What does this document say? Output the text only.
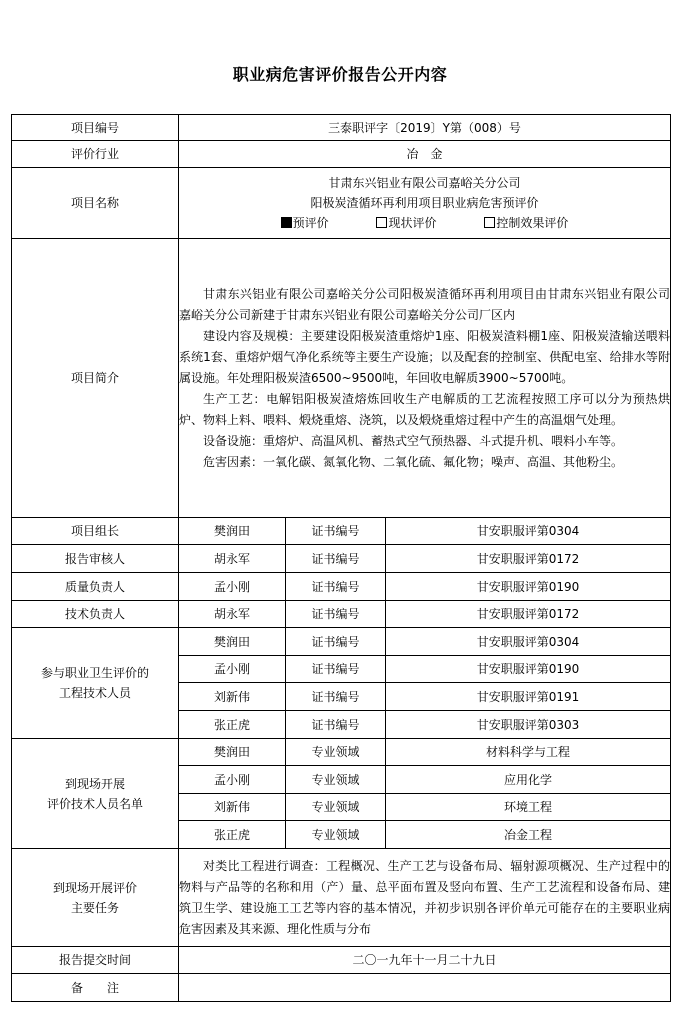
职业病危害评价报告公开内容
项目编号	三泰职评字〔2019〕Y第（008）号		
评价行业	冶　金		
项目名称	甘肃东兴铝业有限公司嘉峪关分公司
阳极炭渣循环再利用项目职业病危害预评价
预评价 现状评价 控制效果评价		

项目简介	甘肃东兴铝业有限公司嘉峪关分公司阳极炭渣循环再利用项目由甘肃东兴铝业有限公司嘉峪关分公司新建于甘肃东兴铝业有限公司嘉峪关分公司厂区内
建设内容及规模：主要建设阳极炭渣重熔炉1座、阳极炭渣料棚1座、阳极炭渣输送喂料系统1套、重熔炉烟气净化系统等主要生产设施；以及配套的控制室、供配电室、给排水等附属设施。年处理阳极炭渣6500~9500吨，年回收电解质3900~5700吨。
生产工艺：电解铝阳极炭渣熔炼回收生产电解质的工艺流程按照工序可以分为预热烘炉、物料上料、喂料、煅烧重熔、浇筑，以及煅烧重熔过程中产生的高温烟气处理。
设备设施：重熔炉、高温风机、蓄热式空气预热器、斗式提升机、喂料小车等。
危害因素：一氧化碳、氮氧化物、二氧化硫、氟化物；噪声、高温、其他粉尘。		

项目组长	樊润田	证书编号	甘安职服评第0304
报告审核人	胡永军	证书编号	甘安职服评第0172
质量负责人	孟小刚	证书编号	甘安职服评第0190
技术负责人	胡永军	证书编号	甘安职服评第0172

参与职业卫生评价的
工程技术人员	樊润田	证书编号	甘安职服评第0304
	孟小刚	证书编号	甘安职服评第0190
	刘新伟	证书编号	甘安职服评第0191
	张正虎	证书编号	甘安职服评第0303

到现场开展
评价技术人员名单	樊润田	专业领域	材料科学与工程
	孟小刚	专业领域	应用化学
	刘新伟	专业领域	环境工程
	张正虎	专业领域	冶金工程

到现场开展评价
主要任务	对类比工程进行调查：工程概况、生产工艺与设备布局、辐射源项概况、生产过程中的物料与产品等的名称和用（产）量、总平面布置及竖向布置、生产工艺流程和设备布局、建筑卫生学、建设施工工艺等内容的基本情况，并初步识别各评价单元可能存在的主要职业病危害因素及其来源、理化性质与分布		

报告提交时间	二〇一九年十一月二十九日		
备　　注			
